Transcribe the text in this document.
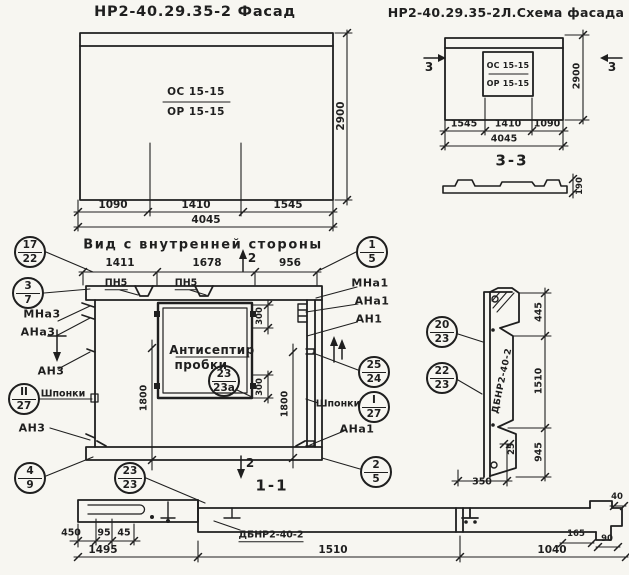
НР2-40.29.35-2 Фасад	НР2-40.29.35-2Л.Схема фасада
Вид с внутренней стороны
ОС 15-15
ОР 15-15
1090	1410	1545
4045
2900
ОС 15-15
ОР 15-15
1545 1410 1090
4045
2900
3	3
3-3
190
1411	1678	956
2
2
ПН5	ПН5
Антисептир
пробки
300
300
1800	1800
МНа3
АНа3
АН3
Шпонки
АН3
МНа1
АНа1
АН1
Шпонки
АНа1
17
22
3
7
II
27
4
9
1
5
25
24
I
27
2
5
23
23а
1-1
23
23
ДБНР2-40-2
450 95 45
1495	1510	1040
165 90
40
20
23
22
23	ДБНР2-40-2
445
1510
945
25
350
